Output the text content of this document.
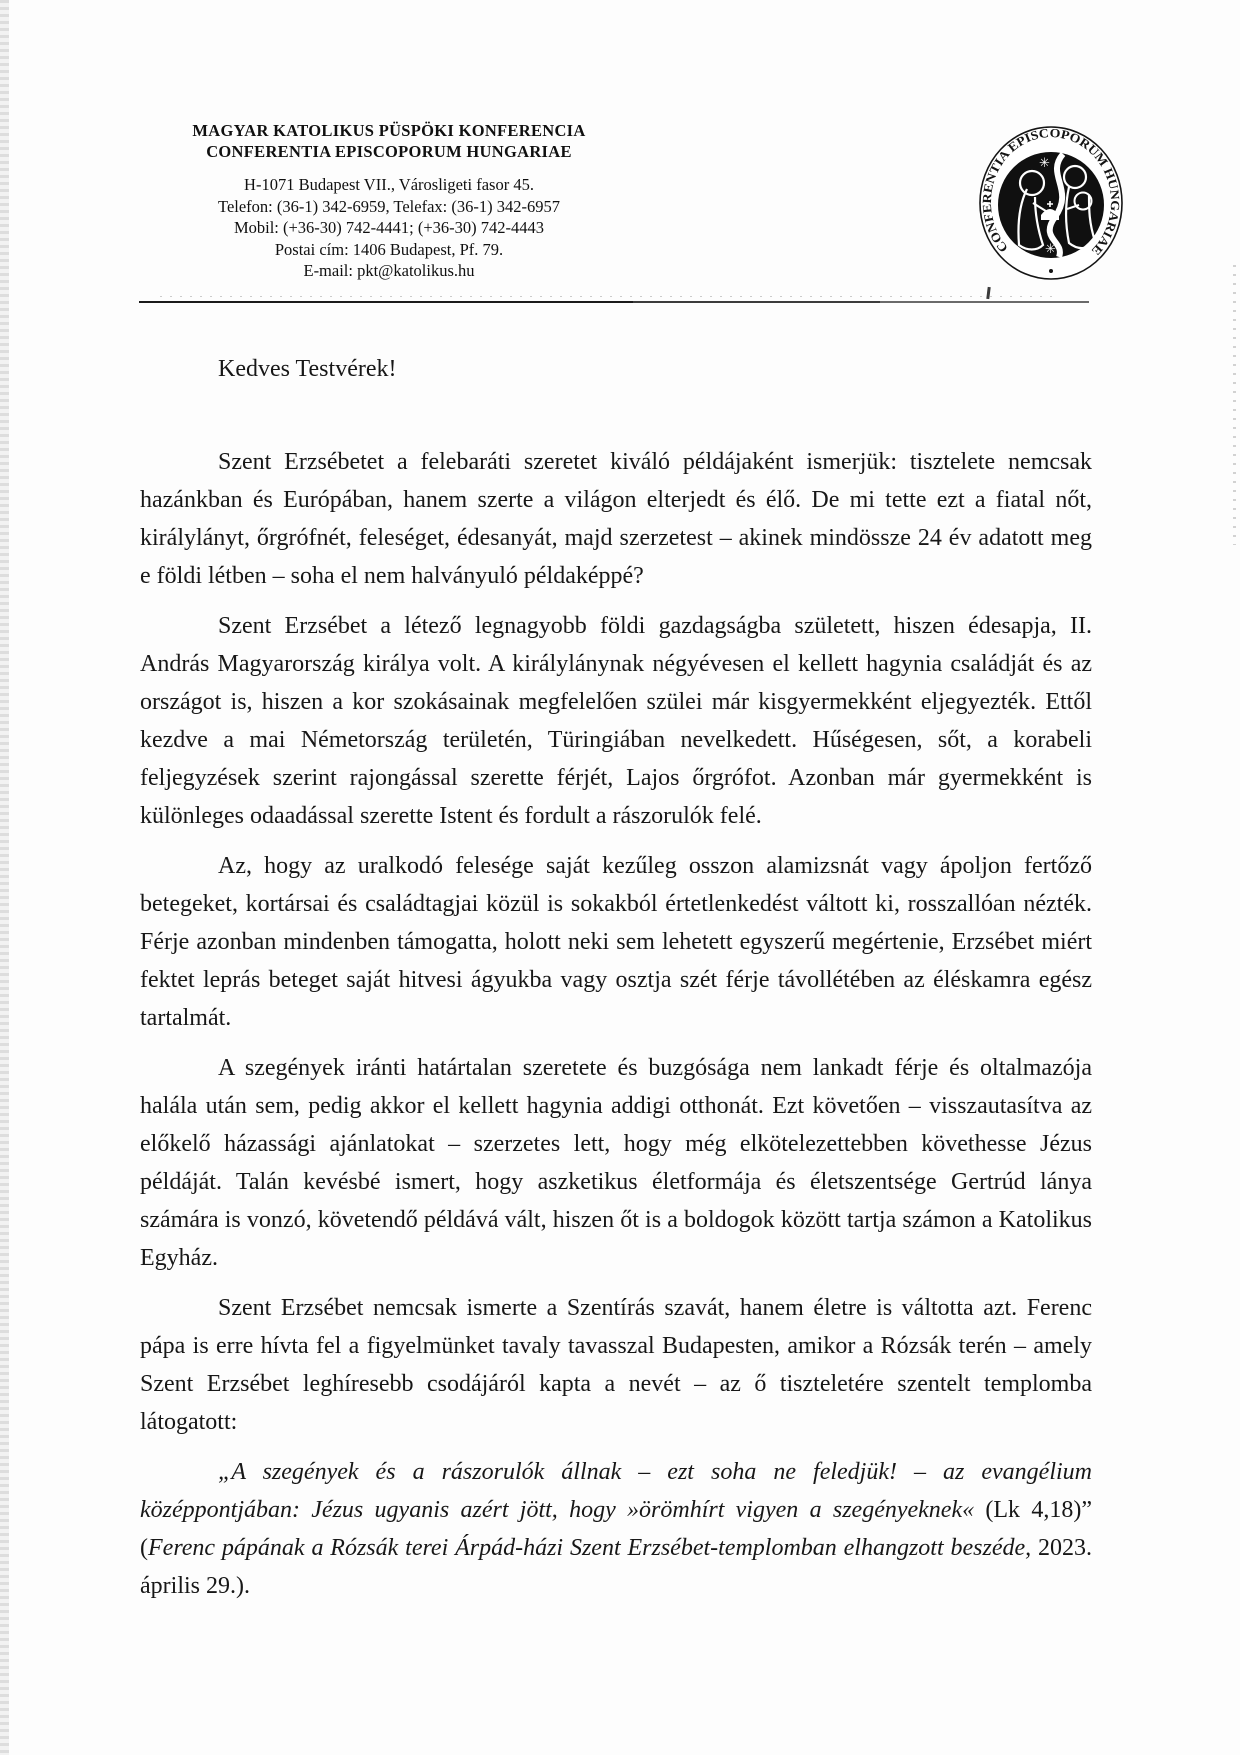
MAGYAR KATOLIKUS PÜSPÖKI KONFERENCIA
CONFERENTIA EPISCOPORUM HUNGARIAE
H-1071 Budapest VII., Városligeti fasor 45.
Telefon: (36-1) 342-6959, Telefax: (36-1) 342-6957
Mobil: (+36-30) 742-4441; (+36-30) 742-4443
Postai cím: 1406 Budapest, Pf. 79.
E-mail: pkt@katolikus.hu
CONFERENTIA EPISCOPORUM HUNGARIAE
✳
✳
Kedves Testvérek!

Szent Erzsébetet a felebaráti szeretet kiváló példájaként ismerjük: tisztelete nemcsak hazánkban és Európában, hanem szerte a világon elterjedt és élő. De mi tette ezt a fiatal nőt, királylányt, őrgrófnét, feleséget, édesanyát, majd szerzetest – akinek mindössze 24 év adatott meg e földi létben – soha el nem halványuló példaképpé?

Szent Erzsébet a létező legnagyobb földi gazdagságba született, hiszen édesapja, II. András Magyarország királya volt. A királylánynak négyévesen el kellett hagynia családját és az országot is, hiszen a kor szokásainak megfelelően szülei már kisgyermekként eljegyezték. Ettől kezdve a mai Németország területén, Türingiában nevelkedett. Hűségesen, sőt, a korabeli feljegyzések szerint rajongással szerette férjét, Lajos őrgrófot. Azonban már gyermekként is különleges odaadással szerette Istent és fordult a rászorulók felé.

Az, hogy az uralkodó felesége saját kezűleg osszon alamizsnát vagy ápoljon fertőző betegeket, kortársai és családtagjai közül is sokakból értetlenkedést váltott ki, rosszallóan nézték. Férje azonban mindenben támogatta, holott neki sem lehetett egyszerű megértenie, Erzsébet miért fektet leprás beteget saját hitvesi ágyukba vagy osztja szét férje távollétében az éléskamra egész tartalmát.

A szegények iránti határtalan szeretete és buzgósága nem lankadt férje és oltalmazója halála után sem, pedig akkor el kellett hagynia addigi otthonát. Ezt követően – visszautasítva az előkelő házassági ajánlatokat – szerzetes lett, hogy még elkötelezettebben követhesse Jézus példáját. Talán kevésbé ismert, hogy aszketikus életformája és életszentsége Gertrúd lánya számára is vonzó, követendő példává vált, hiszen őt is a boldogok között tartja számon a Katolikus Egyház.

Szent Erzsébet nemcsak ismerte a Szentírás szavát, hanem életre is váltotta azt. Ferenc pápa is erre hívta fel a figyelmünket tavaly tavasszal Budapesten, amikor a Rózsák terén – amely Szent Erzsébet leghíresebb csodájáról kapta a nevét – az ő tiszteletére szentelt templomba látogatott:

„A szegények és a rászorulók állnak – ezt soha ne feledjük! – az evangélium középpontjában: Jézus ugyanis azért jött, hogy »örömhírt vigyen a szegényeknek« (Lk 4,18)” (Ferenc pápának a Rózsák terei Árpád-házi Szent Erzsébet-templomban elhangzott beszéde, 2023. április 29.).
